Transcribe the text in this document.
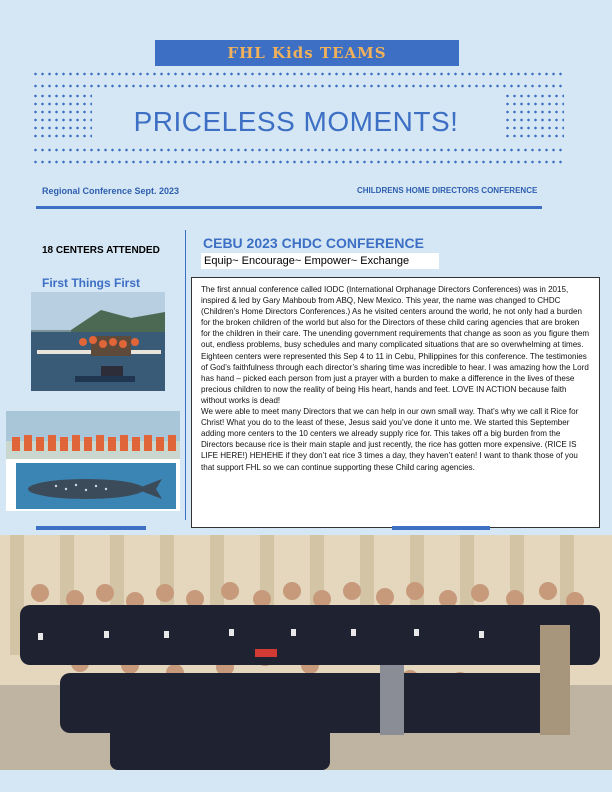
FHL Kids TEAMS
PRICELESS MOMENTS!
Regional Conference Sept. 2023	CHILDRENS HOME DIRECTORS CONFERENCE
18 CENTERS ATTENDED
First Things First
CEBU 2023 CHDC CONFERENCE
Equip~ Encourage~ Empower~ Exchange

The first annual conference called IODC (International Orphanage Directors Conferences) was in 2015, inspired & led by Gary Mahboub from ABQ, New Mexico. This year, the name was changed to CHDC (Children’s Home Directors Conferences.) As he visited centers around the world, he not only had a burden for the broken children of the world but also for the Directors of these child caring agencies that are broken for the children in their care. The unending government requirements that change as soon as you figure them out, endless problems, busy schedules and many complicated situations that are so overwhelming at times.

Eighteen centers were represented this Sep 4 to 11 in Cebu, Philippines for this conference. The testimonies of God’s faithfulness through each director’s sharing time was incredible to hear. I was amazing how the Lord has hand – picked each person from just a prayer with a burden to make a difference in the lives of these precious children to now the reality of being His heart, hands and feet. LOVE IN ACTION because faith without works is dead!

We were able to meet many Directors that we can help in our own small way. That’s why we call it Rice for Christ! What you do to the least of these, Jesus said you’ve done it unto me. We started this September adding more centers to the 10 centers we already supply rice for. This takes off a big burden from the Directors because rice is their main staple and just recently, the rice has gotten more expensive. (RICE IS LIFE HERE!) HEHEHE if they don’t eat rice 3 times a day, they haven’t eaten! I want to thank those of you that support FHL so we can continue supporting these Child caring agencies.
